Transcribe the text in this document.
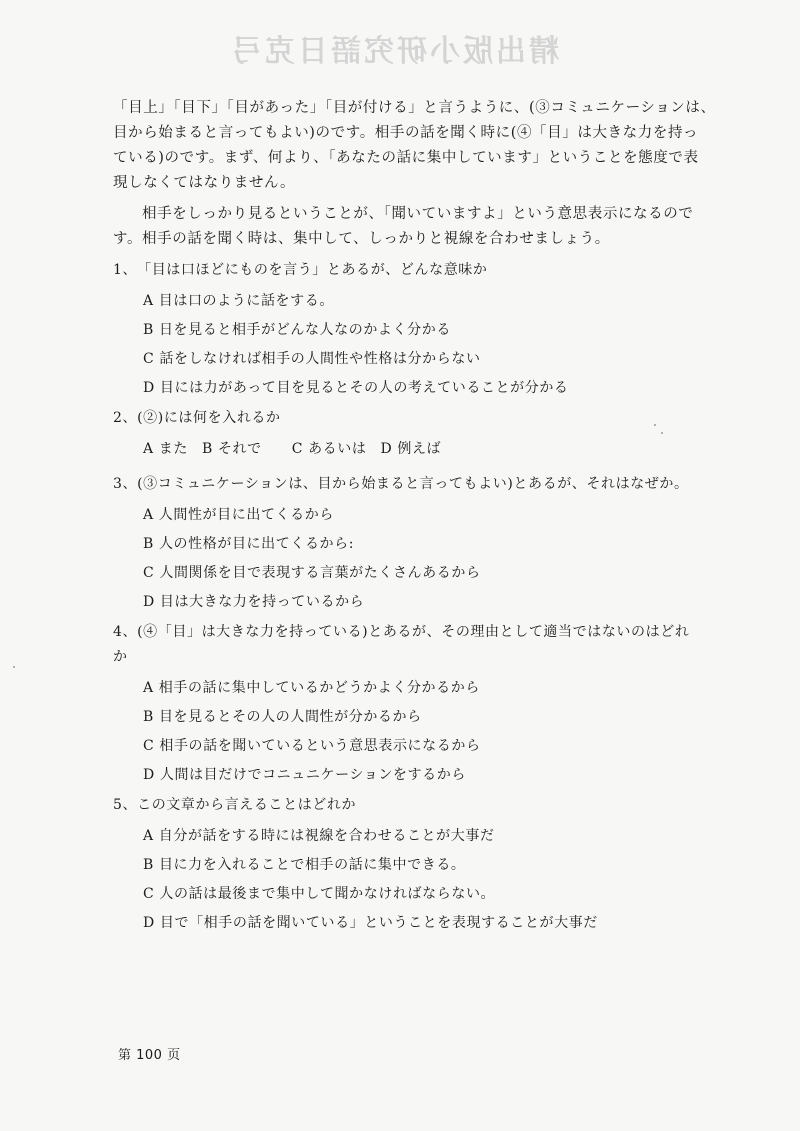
精出版小研究語日克弓
「目上」「目下」「目があった」「目が付ける」と言うように、(③コミュニケーションは、
目から始まると言ってもよい)のです。相手の話を聞く時に(④「目」は大きな力を持っ
ている)のです。まず、何より、「あなたの話に集中しています」ということを態度で表
現しなくてはなりません。
相手をしっかり見るということが、「聞いていますよ」という意思表示になるので
す。相手の話を聞く時は、集中して、しっかりと視線を合わせましょう。
1、「目は口ほどにものを言う」とあるが、どんな意味か
A 目は口のように話をする。
B 日を見ると相手がどんな人なのかよく分かる
C 話をしなければ相手の人間性や性格は分からない
D 目には力があって目を見るとその人の考えていることが分かる
2、(②)には何を入れるか
A また B それで C あるいは D 例えば
3、(③コミュニケーションは、目から始まると言ってもよい)とあるが、それはなぜか。
A 人間性が目に出てくるから
B 人の性格が目に出てくるから:
C 人間関係を目で表現する言葉がたくさんあるから
D 目は大きな力を持っているから
4、(④「目」は大きな力を持っている)とあるが、その理由として適当ではないのはどれ
か
A 相手の話に集中しているかどうかよく分かるから
B 目を見るとその人の人間性が分かるから
C 相手の話を聞いているという意思表示になるから
D 人間は目だけでコニュニケーションをするから
5、この文章から言えることはどれか
A 自分が話をする時には視線を合わせることが大事だ
B 目に力を入れることで相手の話に集中できる。
C 人の話は最後まで集中して聞かなければならない。
D 目で「相手の話を聞いている」ということを表現することが大事だ
第 100 页
